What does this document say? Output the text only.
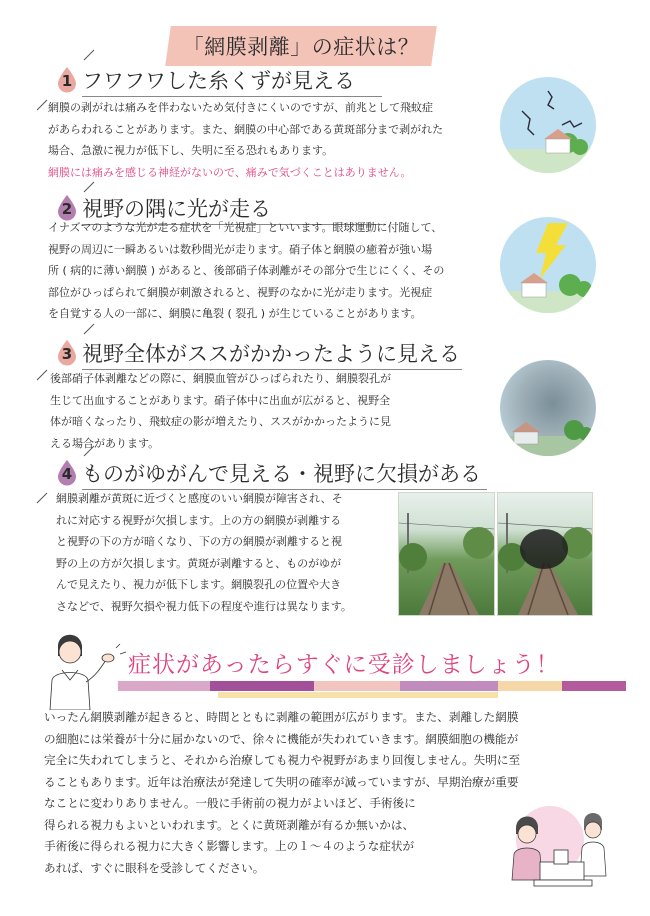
「網膜剥離」の症状は？
1 フワフワした糸くずが見える

網膜の剥がれは痛みを伴わないため気付きにくいのですが、前兆として飛蚊症

があらわれることがあります。また、網膜の中心部である黄斑部分まで剥がれた

場合、急激に視力が低下し、失明に至る恐れもあります。

網膜には痛みを感じる神経がないので、痛みで気づくことはありません。

2 視野の隅に光が走る

イナズマのような光が走る症状を「光視症」といいます。眼球運動に付随して、

視野の周辺に一瞬あるいは数秒間光が走ります。硝子体と網膜の癒着が強い場

所 ( 病的に薄い網膜 ) があると、後部硝子体剥離がその部分で生じにくく、その

部位がひっぱられて網膜が刺激されると、視野のなかに光が走ります。光視症

を自覚する人の一部に、網膜に亀裂 ( 裂孔 ) が生じていることがあります。

3 視野全体がススがかかったように見える

後部硝子体剥離などの際に、網膜血管がひっぱられたり、網膜裂孔が

生じて出血することがあります。硝子体中に出血が広がると、視野全

体が暗くなったり、飛蚊症の影が増えたり、ススがかかったように見

える場合があります。

4 ものがゆがんで見える・視野に欠損がある

網膜剥離が黄斑に近づくと感度のいい網膜が障害され、そ

れに対応する視野が欠損します。上の方の網膜が剥離する

と視野の下の方が暗くなり、下の方の網膜が剥離すると視

野の上の方が欠損します。黄斑が剥離すると、ものがゆが

んで見えたり、視力が低下します。網膜裂孔の位置や大き

さなどで、視野欠損や視力低下の程度や進行は異なります。

症状があったらすぐに受診しましょう！

いったん網膜剥離が起きると、時間とともに剥離の範囲が広がります。また、剥離した網膜

の細胞には栄養が十分に届かないので、徐々に機能が失われていきます。網膜細胞の機能が

完全に失われてしまうと、それから治療しても視力や視野があまり回復しません。失明に至

ることもあります。近年は治療法が発達して失明の確率が減っていますが、早期治療が重要

なことに変わりありません。一般に手術前の視力がよいほど、手術後に

得られる視力もよいといわれます。とくに黄斑剥離が有るか無いかは、

手術後に得られる視力に大きく影響します。上の１～４のような症状が

あれば、すぐに眼科を受診してください。
